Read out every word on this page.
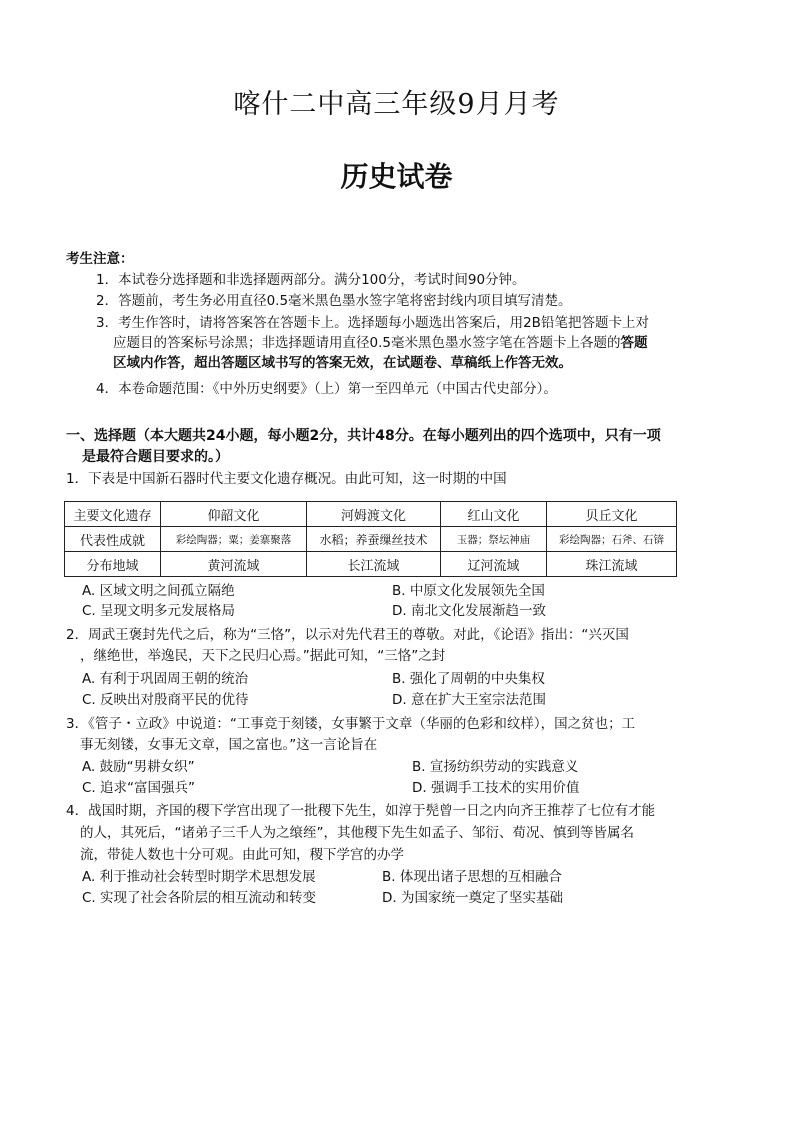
喀什二中高三年级9月月考
历史试卷
考生注意：
1．本试卷分选择题和非选择题两部分。满分100分，考试时间90分钟。
2．答题前，考生务必用直径0.5毫米黑色墨水签字笔将密封线内项目填写清楚。
3．考生作答时，请将答案答在答题卡上。选择题每小题选出答案后，用2B铅笔把答题卡上对
应题目的答案标号涂黑；非选择题请用直径0.5毫米黑色墨水签字笔在答题卡上各题的答题
区域内作答，超出答题区域书写的答案无效，在试题卷、草稿纸上作答无效。
4．本卷命题范围：《中外历史纲要》（上）第一至四单元（中国古代史部分）。
一、选择题（本大题共24小题，每小题2分，共计48分。在每小题列出的四个选项中，只有一项
是最符合题目要求的。）
1．下表是中国新石器时代主要文化遗存概况。由此可知，这一时期的中国
主要文化遗存	仰韶文化	河姆渡文化	红山文化	贝丘文化
代表性成就	彩绘陶器；粟；姜寨聚落	水稻；养蚕缫丝技术	玉器；祭坛神庙	彩绘陶器；石斧、石锛
分布地域	黄河流域	长江流域	辽河流域	珠江流域
A. 区域文明之间孤立隔绝	B. 中原文化发展领先全国
C. 呈现文明多元发展格局	D. 南北文化发展渐趋一致
2．周武王褒封先代之后，称为“三恪”，以示对先代君王的尊敬。对此，《论语》指出：“兴灭国
，继绝世，举逸民，天下之民归心焉。”据此可知，“三恪”之封
A. 有利于巩固周王朝的统治	B. 强化了周朝的中央集权
C. 反映出对殷商平民的优待	D. 意在扩大王室宗法范围
3．《管子・立政》中说道：“工事竞于刻镂，女事繁于文章（华丽的色彩和纹样），国之贫也；工
事无刻镂，女事无文章，国之富也。”这一言论旨在
A. 鼓励“男耕女织”	B. 宣扬纺织劳动的实践意义
C. 追求“富国强兵”	D. 强调手工技术的实用价值
4．战国时期，齐国的稷下学宫出现了一批稷下先生，如淳于髡曾一日之内向齐王推荐了七位有才能
的人，其死后，“诸弟子三千人为之缞绖”，其他稷下先生如孟子、邹衍、荀况、慎到等皆属名
流，带徒人数也十分可观。由此可知，稷下学宫的办学
A. 利于推动社会转型时期学术思想发展	B. 体现出诸子思想的互相融合
C. 实现了社会各阶层的相互流动和转变	D. 为国家统一奠定了坚实基础
